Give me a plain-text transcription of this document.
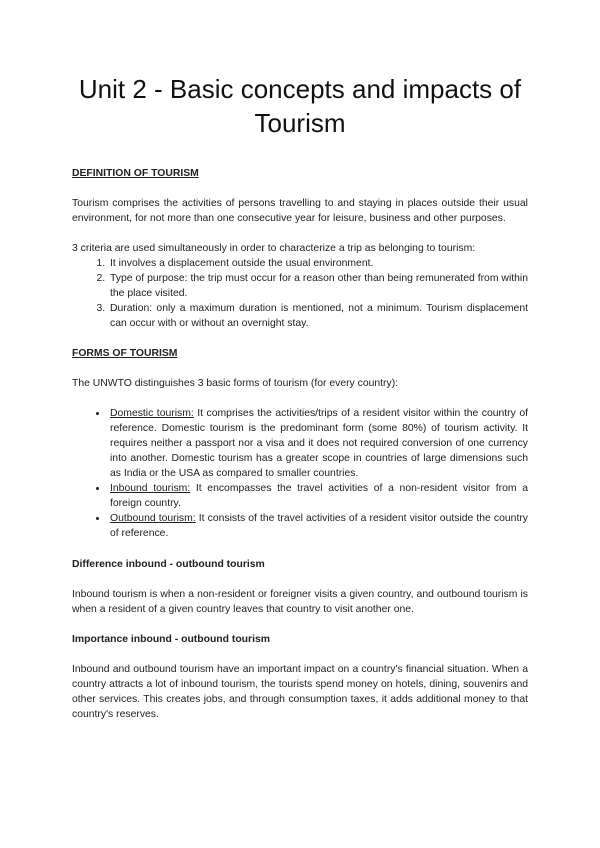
Unit 2 - Basic concepts and impacts of Tourism

DEFINITION OF TOURISM

Tourism comprises the activities of persons travelling to and staying in places outside their usual environment, for not more than one consecutive year for leisure, business and other purposes.

3 criteria are used simultaneously in order to characterize a trip as belonging to tourism:

1. It involves a displacement outside the usual environment.
2. Type of purpose: the trip must occur for a reason other than being remunerated from within the place visited.
3. Duration: only a maximum duration is mentioned, not a minimum. Tourism displacement can occur with or without an overnight stay.

FORMS OF TOURISM

The UNWTO distinguishes 3 basic forms of tourism (for every country):

• Domestic tourism: It comprises the activities/trips of a resident visitor within the country of reference. Domestic tourism is the predominant form (some 80%) of tourism activity. It requires neither a passport nor a visa and it does not required conversion of one currency into another. Domestic tourism has a greater scope in countries of large dimensions such as India or the USA as compared to smaller countries.
• Inbound tourism: It encompasses the travel activities of a non-resident visitor from a foreign country.
• Outbound tourism: It consists of the travel activities of a resident visitor outside the country of reference.

Difference inbound - outbound tourism

Inbound tourism is when a non-resident or foreigner visits a given country, and outbound tourism is when a resident of a given country leaves that country to visit another one.

Importance inbound - outbound tourism

Inbound and outbound tourism have an important impact on a country's financial situation. When a country attracts a lot of inbound tourism, the tourists spend money on hotels, dining, souvenirs and other services. This creates jobs, and through consumption taxes, it adds additional money to that country's reserves.
